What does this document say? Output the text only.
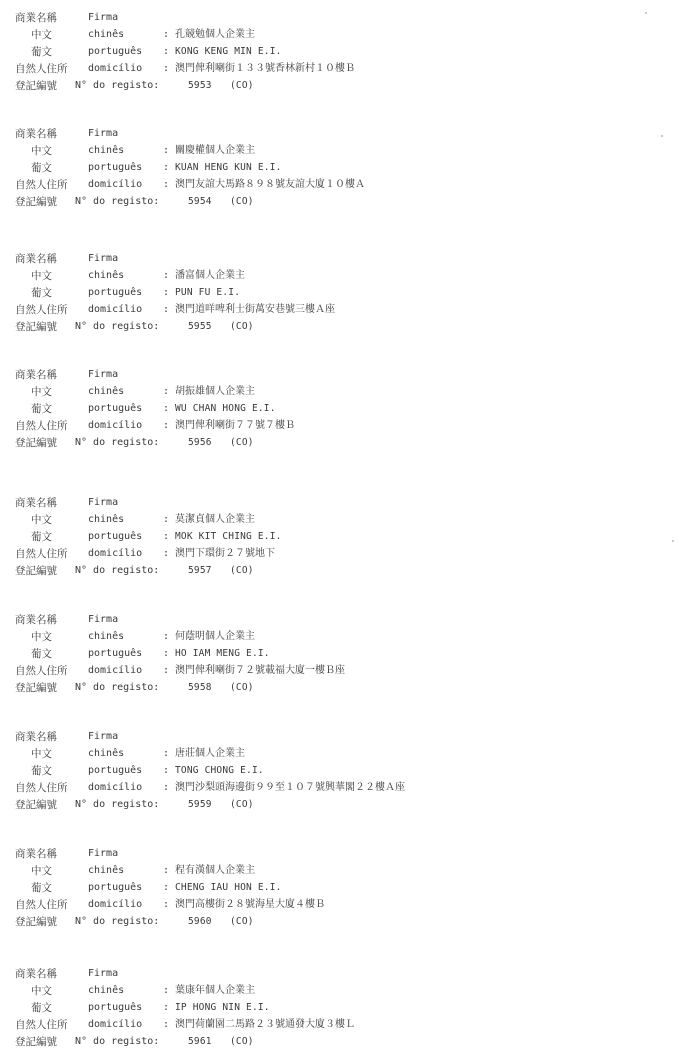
商業名稱	Firma
中文	chinês	: 孔競勉個人企業主
葡文	português : KONG KENG MIN E.I.
自然人住所 domicílio : 澳門俾利喇街１３３號香林新村１０樓Ｂ
登記編號 N° do registo:	5953 (CO)
商業名稱	Firma
中文	chinês	: 關慶權個人企業主
葡文	português : KUAN HENG KUN E.I.
自然人住所 domicílio : 澳門友誼大馬路８９８號友誼大廈１０樓Ａ
登記編號 N° do registo:	5954 (CO)
商業名稱	Firma
中文	chinês	: 潘富個人企業主
葡文	português : PUN FU E.I.
自然人住所 domicílio : 澳門道咩啤利士街萬安巷號三樓Ａ座
登記編號 N° do registo:	5955 (CO)
商業名稱	Firma
中文	chinês	: 胡振雄個人企業主
葡文	português : WU CHAN HONG E.I.
自然人住所 domicílio : 澳門俾利喇街７７號７樓Ｂ
登記編號 N° do registo:	5956 (CO)
商業名稱	Firma
中文	chinês	: 莫潔貞個人企業主
葡文	português : MOK KIT CHING E.I.
自然人住所 domicílio : 澳門下環街２７號地下
登記編號 N° do registo:	5957 (CO)
商業名稱	Firma
中文	chinês	: 何蔭明個人企業主
葡文	português : HO IAM MENG E.I.
自然人住所 domicílio : 澳門俾利喇街７２號載福大廈一樓Ｂ座
登記編號 N° do registo:	5958 (CO)
商業名稱	Firma
中文	chinês	: 唐莊個人企業主
葡文	português : TONG CHONG E.I.
自然人住所 domicílio : 澳門沙梨頭海邊街９９至１０７號興華閣２２樓Ａ座
登記編號 N° do registo:	5959 (CO)
商業名稱	Firma
中文	chinês	: 程有漢個人企業主
葡文	português : CHENG IAU HON E.I.
自然人住所 domicílio : 澳門高樓街２８號海星大廈４樓Ｂ
登記編號 N° do registo:	5960 (CO)
商業名稱	Firma
中文	chinês	: 葉康年個人企業主
葡文	português : IP HONG NIN E.I.
自然人住所 domicílio : 澳門荷蘭園二馬路２３號通發大廈３樓Ｌ
登記編號 N° do registo:	5961 (CO)
